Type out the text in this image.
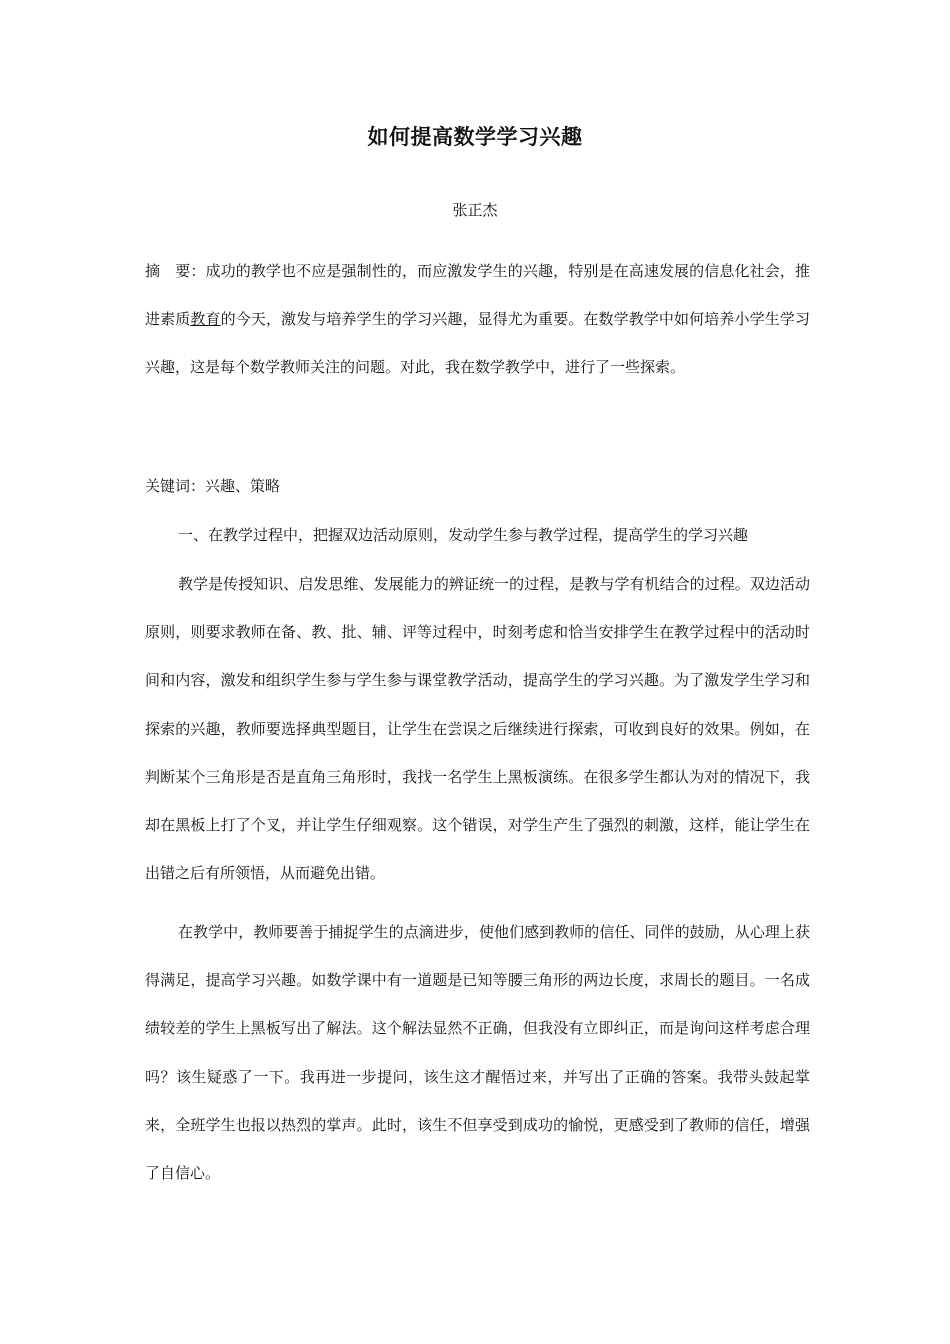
如何提高数学学习兴趣

张正杰

摘　要：成功的教学也不应是强制性的，而应激发学生的兴趣，特别是在高速发展的信息化社会，推进素质教育的今天，激发与培养学生的学习兴趣，显得尤为重要。在数学教学中如何培养小学生学习兴趣，这是每个数学教师关注的问题。对此，我在数学教学中，进行了一些探索。

关键词：兴趣、策略

一、在教学过程中，把握双边活动原则，发动学生参与教学过程，提高学生的学习兴趣

教学是传授知识、启发思维、发展能力的辨证统一的过程，是教与学有机结合的过程。双边活动原则，则要求教师在备、教、批、辅、评等过程中，时刻考虑和恰当安排学生在教学过程中的活动时间和内容，激发和组织学生参与学生参与课堂教学活动，提高学生的学习兴趣。为了激发学生学习和探索的兴趣，教师要选择典型题目，让学生在尝误之后继续进行探索，可收到良好的效果。例如，在判断某个三角形是否是直角三角形时，我找一名学生上黑板演练。在很多学生都认为对的情况下，我却在黑板上打了个叉，并让学生仔细观察。这个错误，对学生产生了强烈的刺激，这样，能让学生在出错之后有所领悟，从而避免出错。

在教学中，教师要善于捕捉学生的点滴进步，使他们感到教师的信任、同伴的鼓励，从心理上获得满足，提高学习兴趣。如数学课中有一道题是已知等腰三角形的两边长度，求周长的题目。一名成绩较差的学生上黑板写出了解法。这个解法显然不正确，但我没有立即纠正，而是询问这样考虑合理吗？该生疑惑了一下。我再进一步提问，该生这才醒悟过来，并写出了正确的答案。我带头鼓起掌来，全班学生也报以热烈的掌声。此时，该生不但享受到成功的愉悦，更感受到了教师的信任，增强了自信心。
